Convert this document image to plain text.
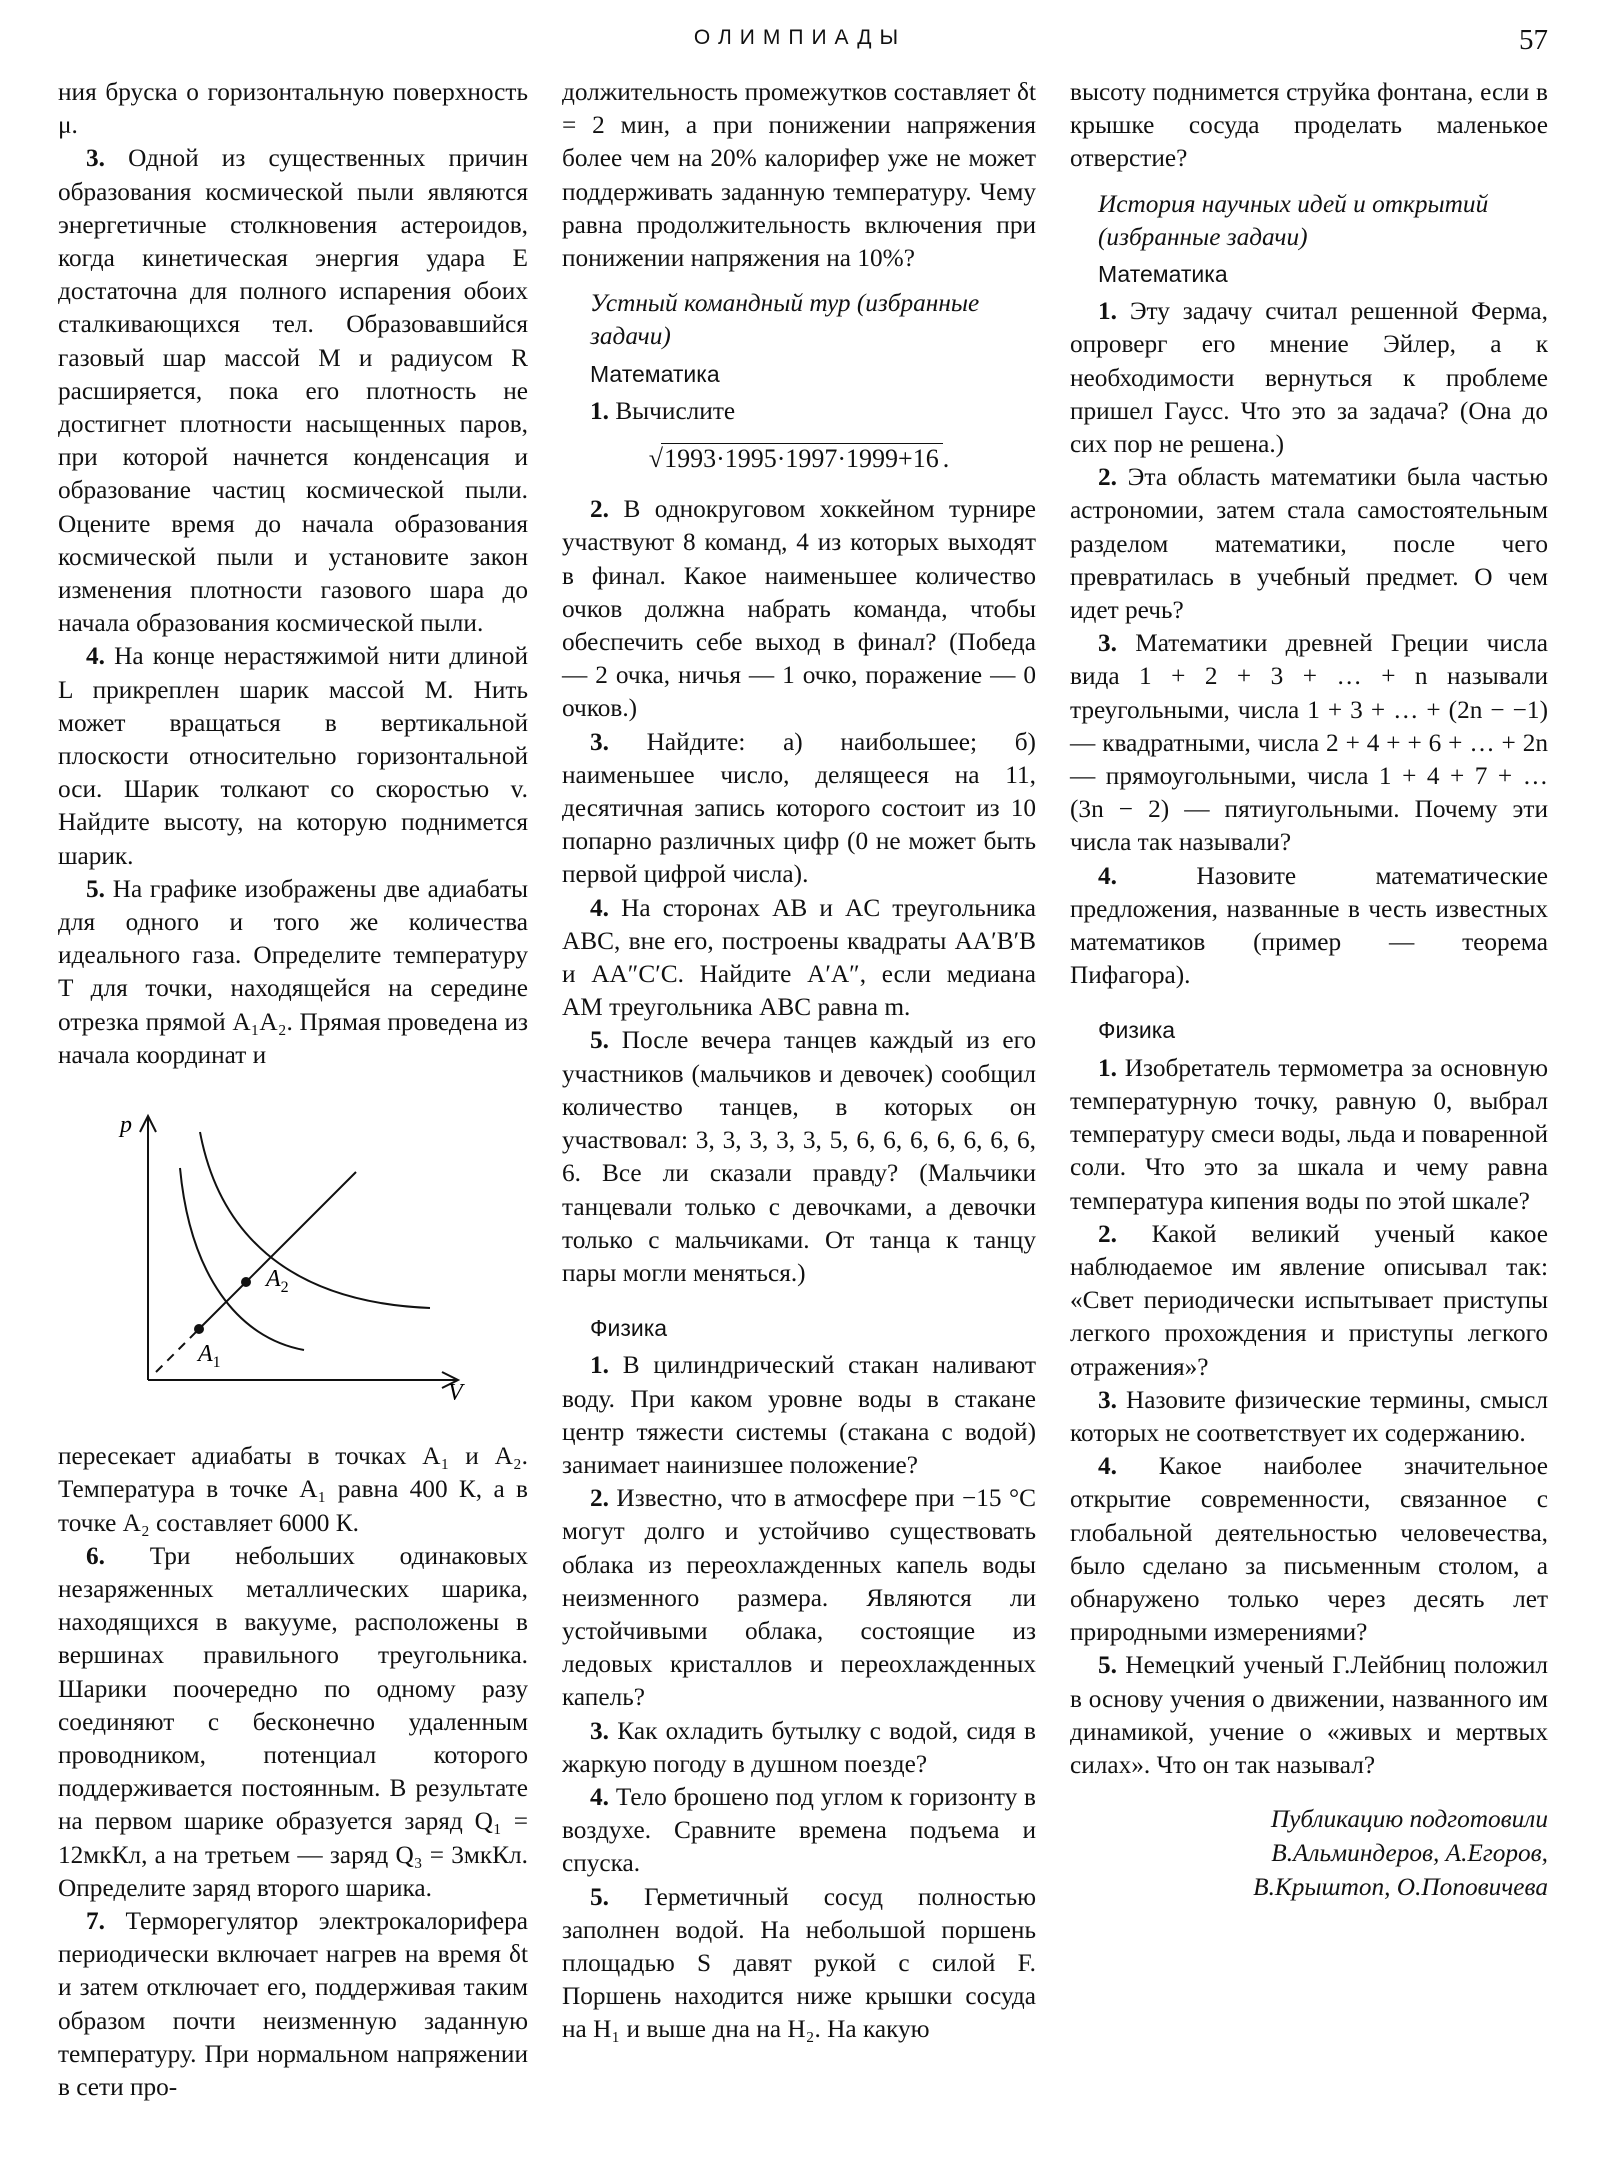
ОЛИМПИАДЫ	57

ния бруска о горизонтальную поверхность μ.

3. Одной из существенных причин образования космической пыли являются энергетичные столкновения астероидов, когда кинетическая энергия удара E достаточна для полного испарения обоих сталкивающихся тел. Образовавшийся газовый шар массой M и радиусом R расширяется, пока его плотность не достигнет плотности насыщенных паров, при которой начнется конденсация и образование частиц космической пыли. Оцените время до начала образования космической пыли и установите закон изменения плотности газового шара до начала образования космической пыли.

4. На конце нерастяжимой нити длиной L прикреплен шарик массой M. Нить может вращаться в вертикальной плоскости относительно горизонтальной оси. Шарик толкают со скоростью v. Найдите высоту, на которую поднимется шарик.

5. На графике изображены две адиабаты для одного и того же количества идеального газа. Определите температуру T для точки, находящейся на середине отрезка прямой A₁A₂. Прямая проведена из начала координат и

p
V
$A_1$
$A_2$

пересекает адиабаты в точках A₁ и A₂. Температура в точке A₁ равна 400 К, а в точке A₂ составляет 6000 К.

6. Три небольших одинаковых незаряженных металлических шарика, находящихся в вакууме, расположены в вершинах правильного треугольника. Шарики поочередно по одному разу соединяют с бесконечно удаленным проводником, потенциал которого поддерживается постоянным. В результате на первом шарике образуется заряд Q₁ = 12мкКл, а на третьем — заряд Q₃ = 3мкКл. Определите заряд второго шарика.

7. Терморегулятор электрокалорифера периодически включает нагрев на время δt и затем отключает его, поддерживая таким образом почти неизменную заданную температуру. При нормальном напряжении в сети про-

должительность промежутков составляет δt = 2 мин, а при понижении напряжения более чем на 20% калорифер уже не может поддерживать заданную температуру. Чему равна продолжительность включения при понижении напряжения на 10%?

Устный командный тур (избранные задачи)

Математика

1. Вычислите

√1993·1995·1997·1999+16 .

2. В однокруговом хоккейном турнире участвуют 8 команд, 4 из которых выходят в финал. Какое наименьшее количество очков должна набрать команда, чтобы обеспечить себе выход в финал? (Победа — 2 очка, ничья — 1 очко, поражение — 0 очков.)

3. Найдите: а) наибольшее; б) наименьшее число, делящееся на 11, десятичная запись которого состоит из 10 попарно различных цифр (0 не может быть первой цифрой числа).

4. На сторонах AB и AC треугольника ABC, вне его, построены квадраты AA′B′B и AA″C′C. Найдите A′A″, если медиана AM треугольника ABC равна m.

5. После вечера танцев каждый из его участников (мальчиков и девочек) сообщил количество танцев, в которых он участвовал: 3, 3, 3, 3, 3, 5, 6, 6, 6, 6, 6, 6, 6, 6. Все ли сказали правду? (Мальчики танцевали только с девочками, а девочки только с мальчиками. От танца к танцу пары могли меняться.)

Физика

1. В цилиндрический стакан наливают воду. При каком уровне воды в стакане центр тяжести системы (стакана с водой) занимает наинизшее положение?

2. Известно, что в атмосфере при −15 °С могут долго и устойчиво существовать облака из переохлажденных капель воды неизменного размера. Являются ли устойчивыми облака, состоящие из ледовых кристаллов и переохлажденных капель?

3. Как охладить бутылку с водой, сидя в жаркую погоду в душном поезде?

4. Тело брошено под углом к горизонту в воздухе. Сравните времена подъема и спуска.

5. Герметичный сосуд полностью заполнен водой. На небольшой поршень площадью S давят рукой с силой F. Поршень находится ниже крышки сосуда на H₁ и выше дна на H₂. На какую

высоту поднимется струйка фонтана, если в крышке сосуда проделать маленькое отверстие?

История научных идей и открытий (избранные задачи)

Математика

1. Эту задачу считал решенной Ферма, опроверг его мнение Эйлер, а к необходимости вернуться к проблеме пришел Гаусс. Что это за задача? (Она до сих пор не решена.)

2. Эта область математики была частью астрономии, затем стала самостоятельным разделом математики, после чего превратилась в учебный предмет. О чем идет речь?

3. Математики древней Греции числа вида 1 + 2 + 3 + … + n называли треугольными, числа 1 + 3 + … + (2n − −1) — квадратными, числа 2 + 4 + + 6 + … + 2n — прямоугольными, числа 1 + 4 + 7 + … (3n − 2) — пятиугольными. Почему эти числа так называли?

4.	Назовите математические предложения, названные в честь известных математиков (пример — теорема Пифагора).

Физика

1. Изобретатель термометра за основную температурную точку, равную 0, выбрал температуру смеси воды, льда и поваренной соли. Что это за шкала и чему равна температура кипения воды по этой шкале?

2. Какой великий ученый какое наблюдаемое им явление описывал так: «Свет периодически испытывает приступы легкого прохождения и приступы легкого отражения»?

3. Назовите физические термины, смысл которых не соответствует их содержанию.

4. Какое наиболее значительное открытие современности, связанное с глобальной деятельностью человечества, было сделано за письменным столом, а обнаружено только через десять лет природными измерениями?

5. Немецкий ученый Г.Лейбниц положил в основу учения о движении, названного им динамикой, учение о «живых и мертвых силах». Что он так называл?

Публикацию подготовили
В.Альминдеров, А.Егоров,
В.Крыштоп, О.Поповичева
